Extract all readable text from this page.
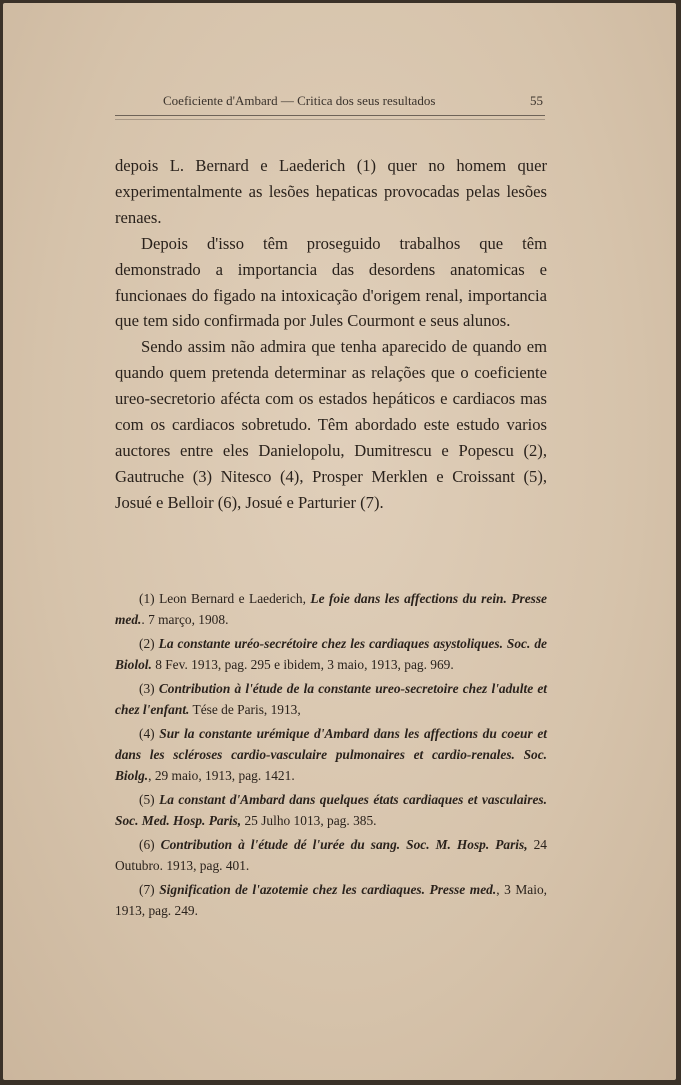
Coeficiente d'Ambard — Critica dos seus resultados	55

depois L. Bernard e Laederich (1) quer no homem quer experimentalmente as lesões hepaticas provocadas pelas lesões renaes.

Depois d'isso têm proseguido trabalhos que têm demonstrado a importancia das desordens anatomicas e funcionaes do figado na intoxicação d'origem renal, importancia que tem sido confirmada por Jules Courmont e seus alunos.

Sendo assim não admira que tenha aparecido de quando em quando quem pretenda determinar as relações que o coeficiente ureo-secretorio afécta com os estados hepáticos e cardiacos mas com os cardiacos sobretudo. Têm abordado este estudo varios auctores entre eles Danielopolu, Dumitrescu e Popescu (2), Gautruche (3) Nitesco (4), Prosper Merklen e Croissant (5), Josué e Belloir (6), Josué e Parturier (7).

(1) Leon Bernard e Laederich, Le foie dans les affections du rein. Presse med.. 7 março, 1908.

(2) La constante uréo-secrétoire chez les cardiaques asystoliques. Soc. de Biolol. 8 Fev. 1913, pag. 295 e ibidem, 3 maio, 1913, pag. 969.

(3) Contribution à l'étude de la constante ureo-secretoire chez l'adulte et chez l'enfant. Tése de Paris, 1913,

(4) Sur la constante urémique d'Ambard dans les affections du coeur et dans les scléroses cardio-vasculaire pulmonaires et cardio-renales. Soc. Biolg., 29 maio, 1913, pag. 1421.

(5) La constant d'Ambard dans quelques états cardiaques et vasculaires. Soc. Med. Hosp. Paris, 25 Julho 1013, pag. 385.

(6) Contribution à l'étude dé l'urée du sang. Soc. M. Hosp. Paris, 24 Outubro. 1913, pag. 401.

(7) Signification de l'azotemie chez les cardiaques. Presse med., 3 Maio, 1913, pag. 249.
